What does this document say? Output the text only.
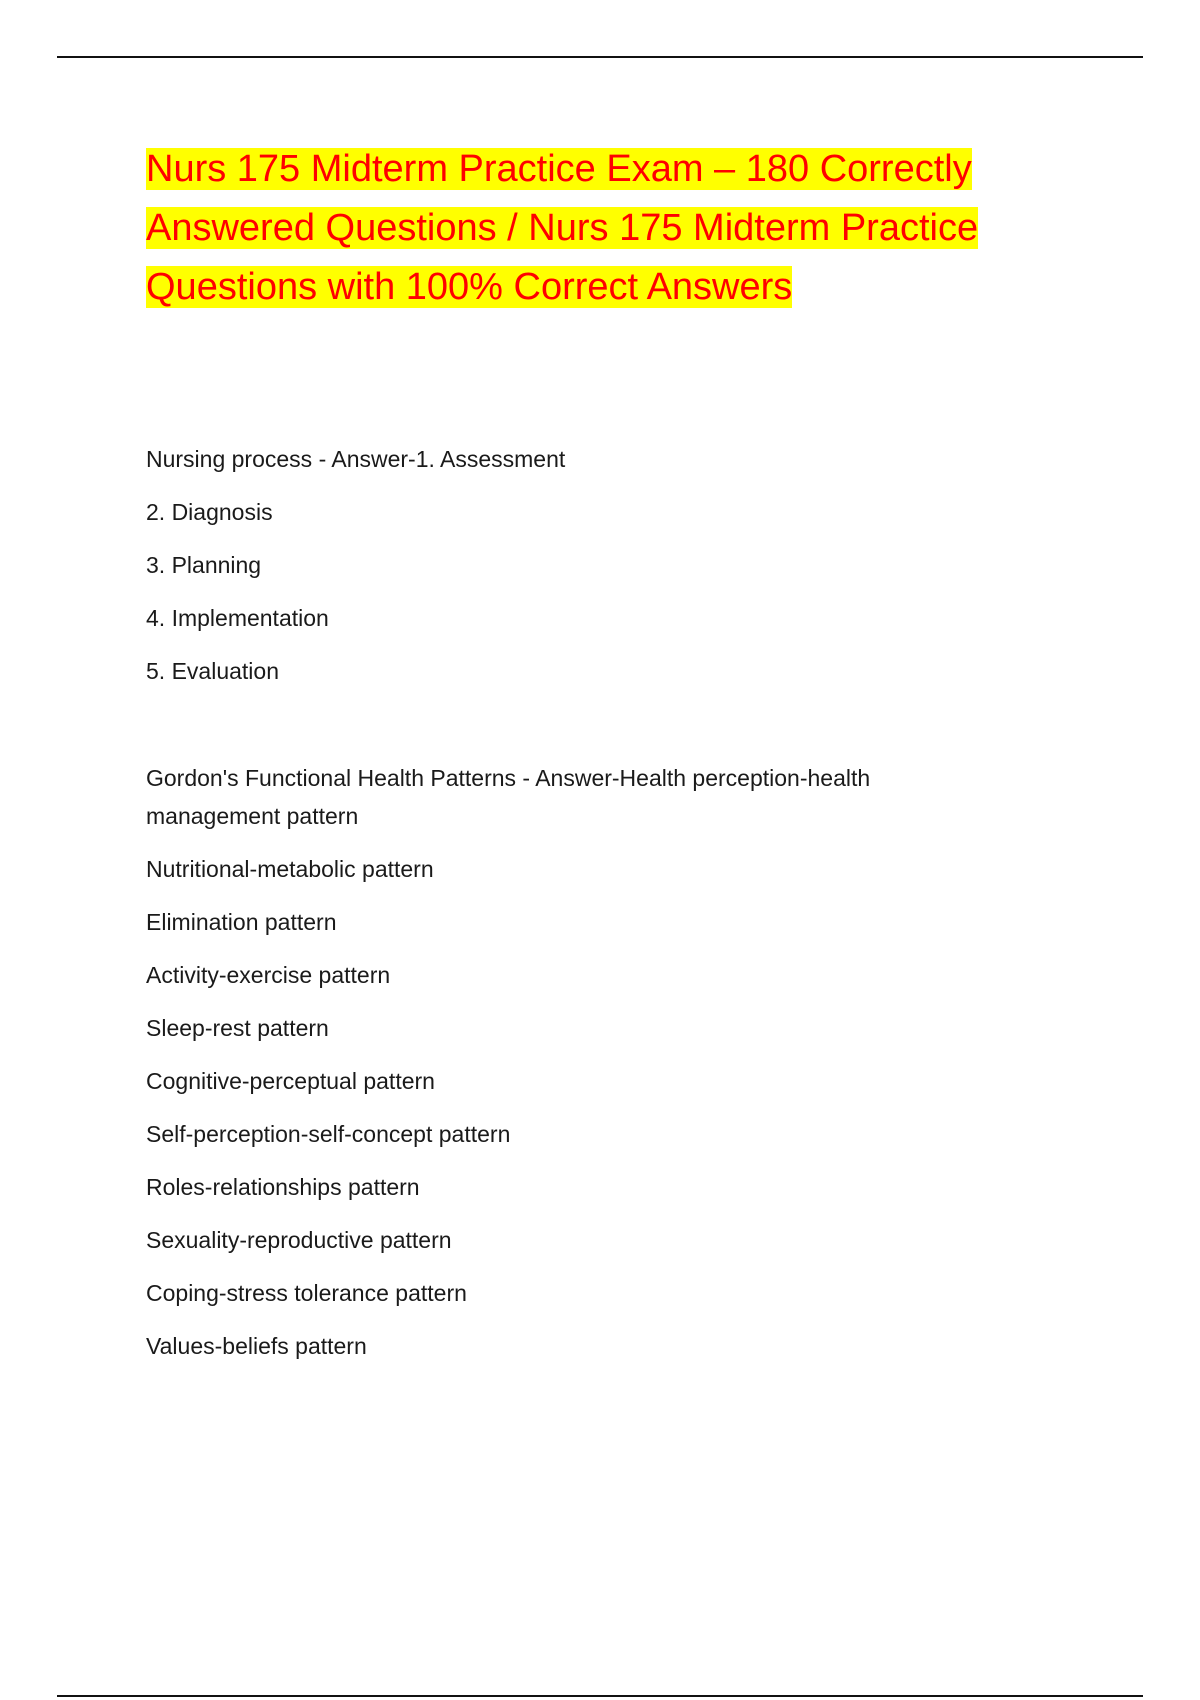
Nurs 175 Midterm Practice Exam – 180 Correctly Answered Questions / Nurs 175 Midterm Practice Questions with 100% Correct Answers
Nursing process - Answer-1. Assessment
2. Diagnosis
3. Planning
4. Implementation
5. Evaluation
Gordon's Functional Health Patterns - Answer-Health perception-health management pattern
Nutritional-metabolic pattern
Elimination pattern
Activity-exercise pattern
Sleep-rest pattern
Cognitive-perceptual pattern
Self-perception-self-concept pattern
Roles-relationships pattern
Sexuality-reproductive pattern
Coping-stress tolerance pattern
Values-beliefs pattern
